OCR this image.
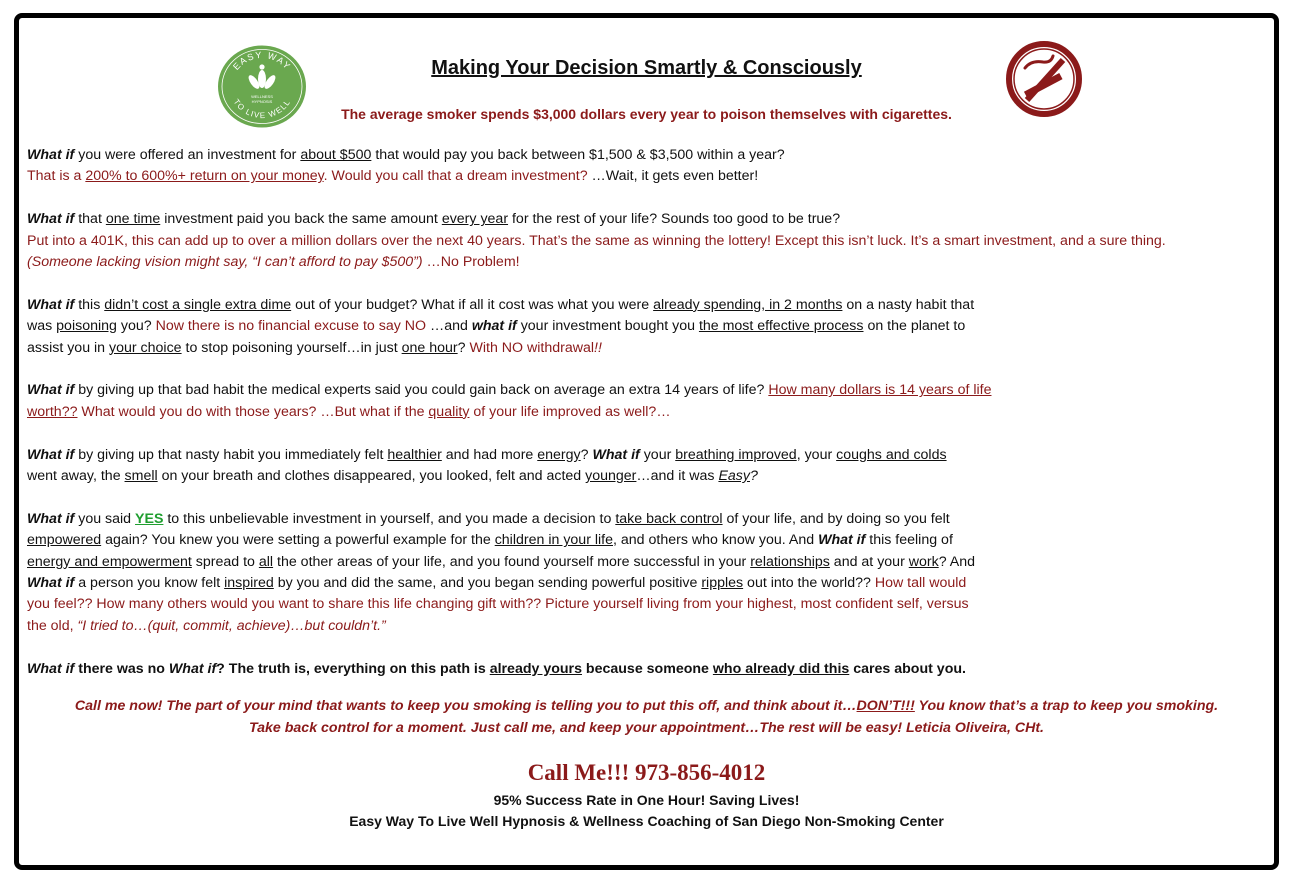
EASY WAY
TO LIVE WELL
WELLNESS
HYPNOSIS
Making Your Decision Smartly & Consciously
The average smoker spends $3,000 dollars every year to poison themselves with cigarettes.

What if you were offered an investment for about $500 that would pay you back between $1,500 & $3,500 within a year?
That is a 200% to 600%+ return on your money. Would you call that a dream investment? …Wait, it gets even better!

What if that one time investment paid you back the same amount every year for the rest of your life? Sounds too good to be true?
Put into a 401K, this can add up to over a million dollars over the next 40 years. That’s the same as winning the lottery! Except this isn’t luck. It’s a smart investment, and a sure thing.
(Someone lacking vision might say, “I can’t afford to pay $500”) …No Problem!

What if this didn’t cost a single extra dime out of your budget? What if all it cost was what you were already spending, in 2 months on a nasty habit that
was poisoning you? Now there is no financial excuse to say NO …and what if your investment bought you the most effective process on the planet to
assist you in your choice to stop poisoning yourself…in just one hour? With NO withdrawal!!

What if by giving up that bad habit the medical experts said you could gain back on average an extra 14 years of life? How many dollars is 14 years of life
worth?? What would you do with those years? …But what if the quality of your life improved as well?…

What if by giving up that nasty habit you immediately felt healthier and had more energy? What if your breathing improved, your coughs and colds
went away, the smell on your breath and clothes disappeared, you looked, felt and acted younger…and it was Easy?

What if you said YES to this unbelievable investment in yourself, and you made a decision to take back control of your life, and by doing so you felt
empowered again? You knew you were setting a powerful example for the children in your life, and others who know you. And What if this feeling of
energy and empowerment spread to all the other areas of your life, and you found yourself more successful in your relationships and at your work? And
What if a person you know felt inspired by you and did the same, and you began sending powerful positive ripples out into the world?? How tall would
you feel?? How many others would you want to share this life changing gift with?? Picture yourself living from your highest, most confident self, versus
the old, “I tried to…(quit, commit, achieve)…but couldn’t.”

What if there was no What if? The truth is, everything on this path is already yours because someone who already did this cares about you.

Call me now! The part of your mind that wants to keep you smoking is telling you to put this off, and think about it…DON’T!!! You know that’s a trap to keep you smoking.
Take back control for a moment. Just call me, and keep your appointment…The rest will be easy! Leticia Oliveira, CHt.
Call Me!!! 973-856-4012
95% Success Rate in One Hour! Saving Lives!
Easy Way To Live Well Hypnosis & Wellness Coaching of San Diego Non-Smoking Center
